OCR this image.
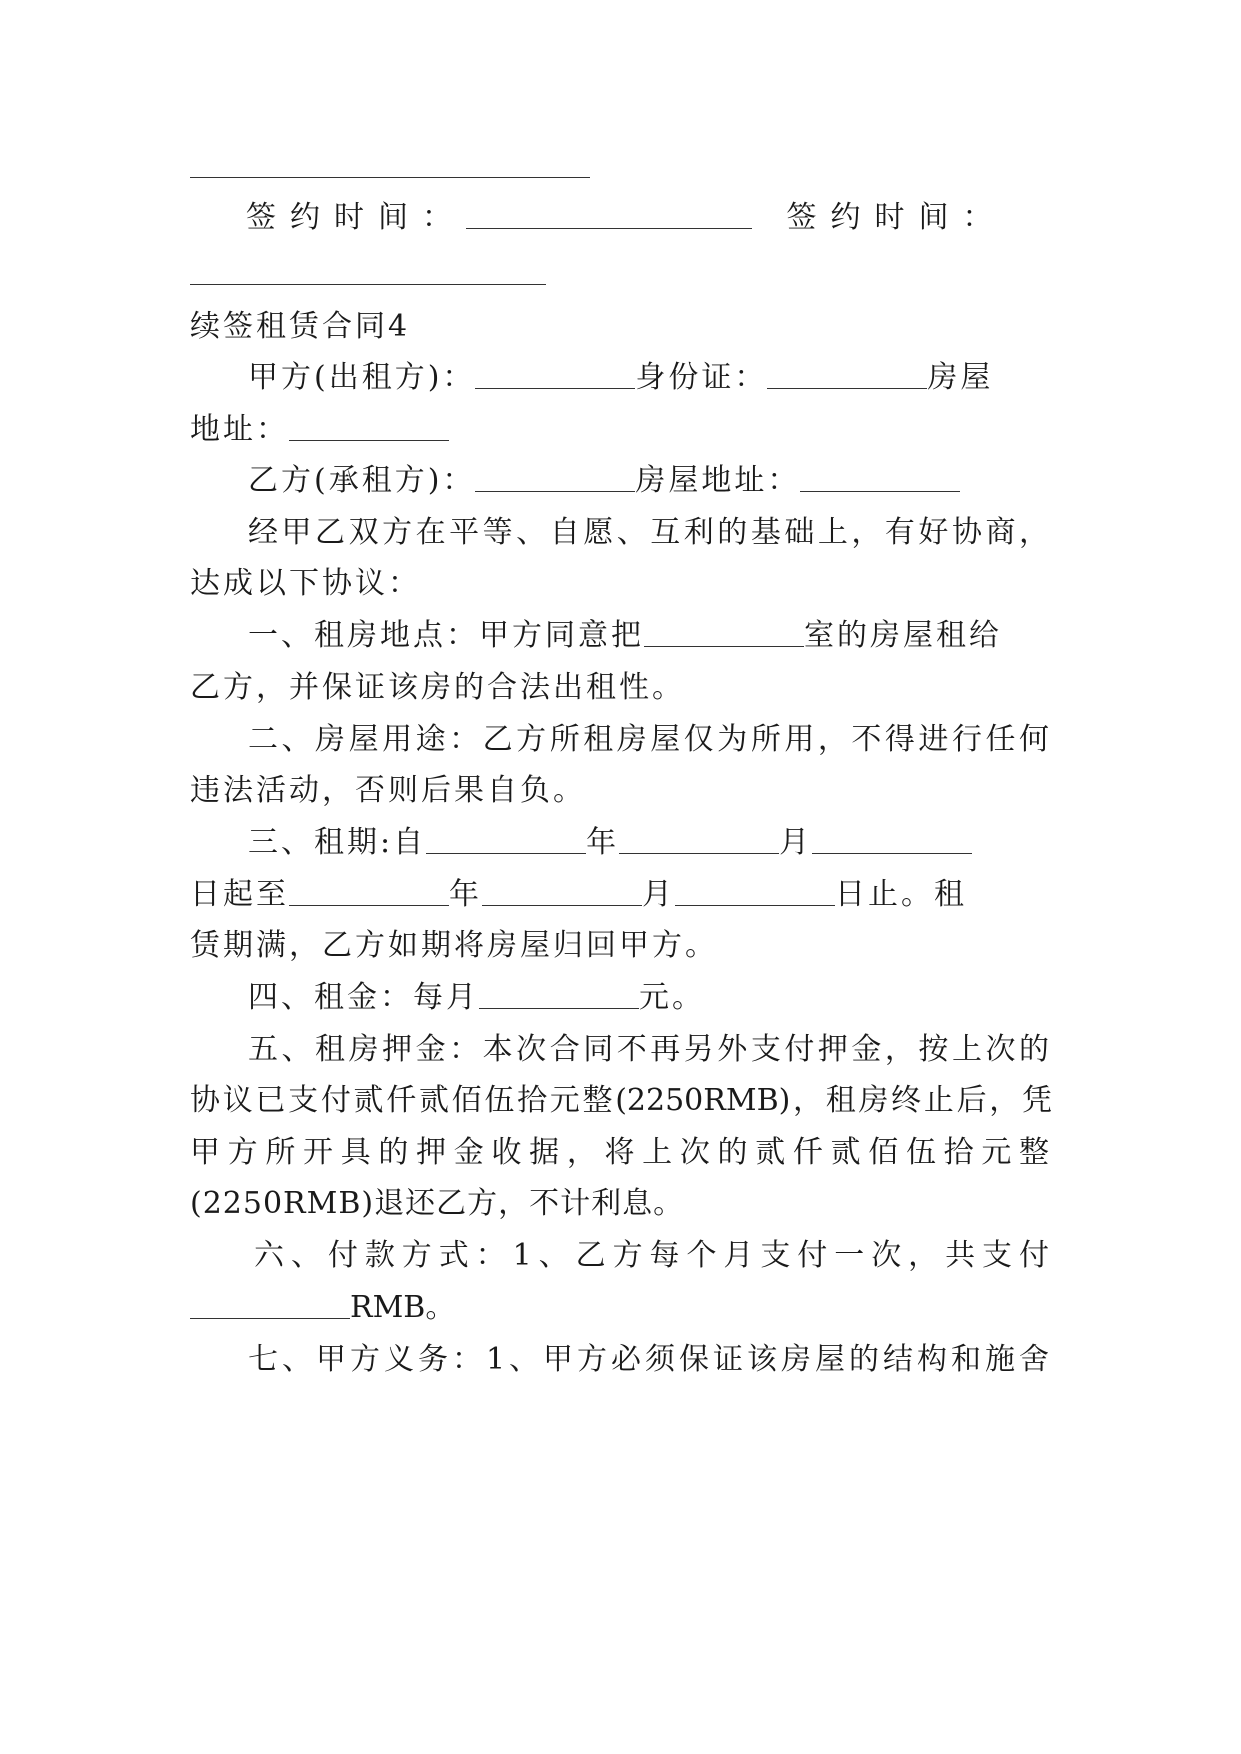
签约时间：	签约时间：
续签租赁合同4
甲方(出租方)：	身份证：	房屋
地址：
乙方(承租方)：	房屋地址：
经甲乙双方在平等、自愿、互利的基础上，有好协商，
达成以下协议：
一、租房地点：甲方同意把	室的房屋租给
乙方，并保证该房的合法出租性。
二、房屋用途：乙方所租房屋仅为所用，不得进行任何
违法活动，否则后果自负。
三、租期:自	年	月
日起至	年	月	日止。租
赁期满，乙方如期将房屋归回甲方。
四、租金：每月	元。
五、租房押金：本次合同不再另外支付押金，按上次的
协议已支付贰仟贰佰伍拾元整(2250RMB)，租房终止后，凭
甲方所开具的押金收据，将上次的贰仟贰佰伍拾元整
(2250RMB)退还乙方，不计利息。
六、付款方式：1、乙方每个月支付一次，共支付
RMB。
七、甲方义务：1、甲方必须保证该房屋的结构和施舍
